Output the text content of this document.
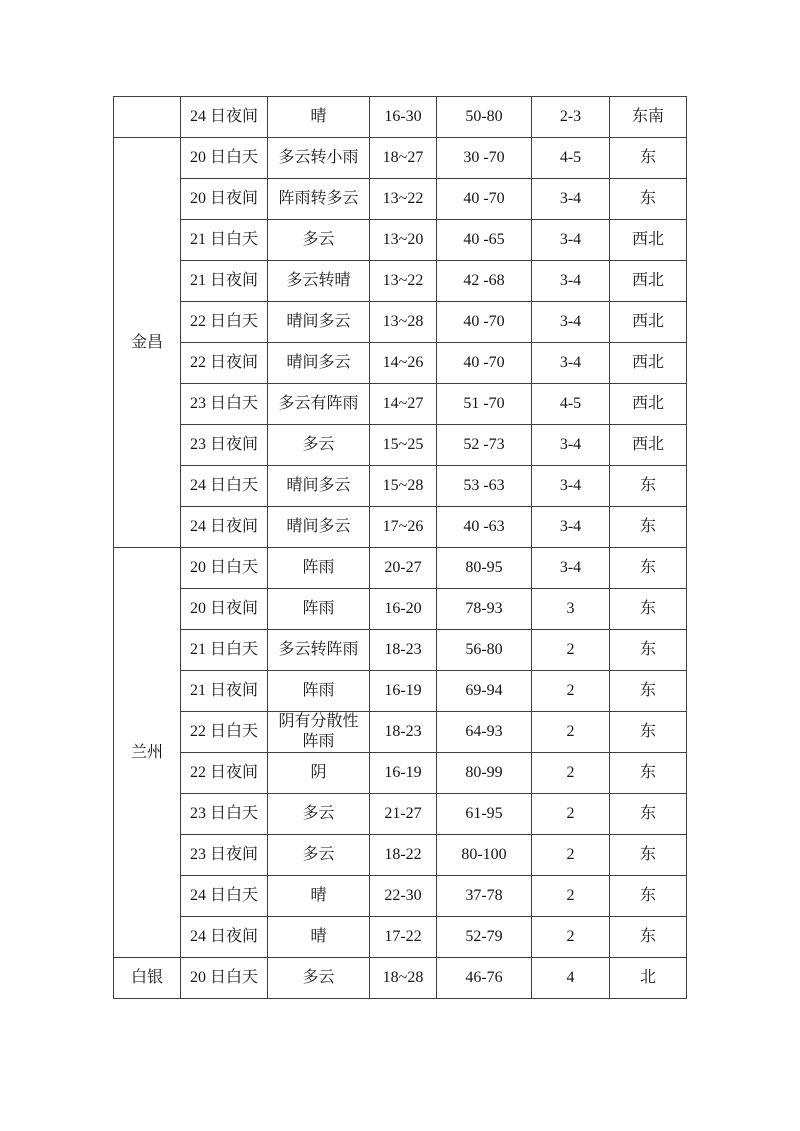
	24 日夜间	晴	16-30	50-80	2-3	东南
金昌	20 日白天	多云转小雨	18~27	30 -70	4-5	东
	20 日夜间	阵雨转多云	13~22	40 -70	3-4	东
	21 日白天	多云	13~20	40 -65	3-4	西北
	21 日夜间	多云转晴	13~22	42 -68	3-4	西北
	22 日白天	晴间多云	13~28	40 -70	3-4	西北
	22 日夜间	晴间多云	14~26	40 -70	3-4	西北
	23 日白天	多云有阵雨	14~27	51 -70	4-5	西北
	23 日夜间	多云	15~25	52 -73	3-4	西北
	24 日白天	晴间多云	15~28	53 -63	3-4	东
	24 日夜间	晴间多云	17~26	40 -63	3-4	东
兰州	20 日白天	阵雨	20-27	80-95	3-4	东
	20 日夜间	阵雨	16-20	78-93	3	东
	21 日白天	多云转阵雨	18-23	56-80	2	东
	21 日夜间	阵雨	16-19	69-94	2	东
	22 日白天	阴有分散性阵雨	18-23	64-93	2	东
	22 日夜间	阴	16-19	80-99	2	东
	23 日白天	多云	21-27	61-95	2	东
	23 日夜间	多云	18-22	80-100	2	东
	24 日白天	晴	22-30	37-78	2	东
	24 日夜间	晴	17-22	52-79	2	东
白银	20 日白天	多云	18~28	46-76	4	北
